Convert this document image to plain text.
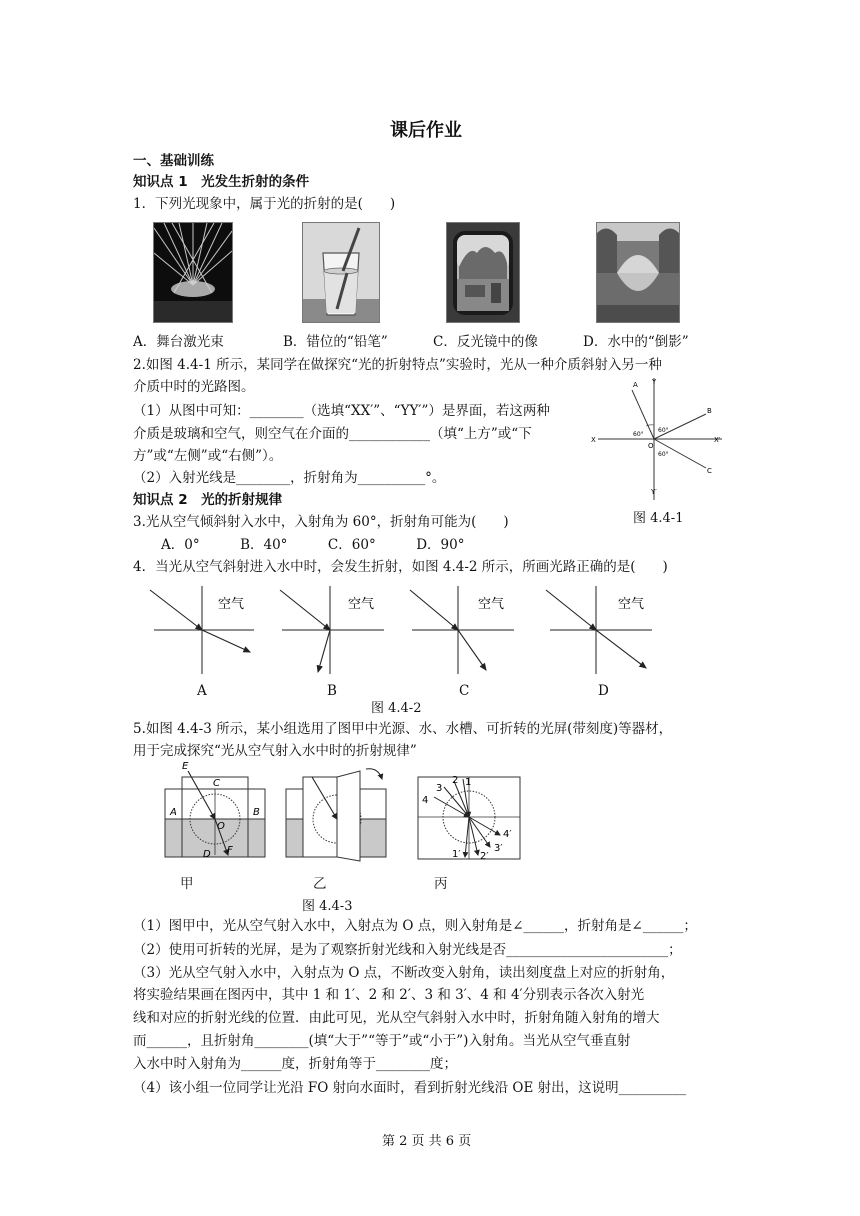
课后作业
一、基础训练
知识点 1　光发生折射的条件
1．下列光现象中，属于光的折射的是(　　)
A．舞台激光束	B．错位的“铅笔”	C．反光镜中的像	D．水中的“倒影”
2.如图 4.4-1 所示，某同学在做探究“光的折射特点”实验时，光从一种介质斜射入另一种
介质中时的光路图。
（1）从图中可知：________（选填“XX′”、“YY′”）是界面，若这两种
介质是玻璃和空气，则空气在介面的____________（填“上方”或“下
方”或“左侧”或“右侧”）。
（2）入射光线是________，折射角为__________°。
A Y
B
C
X	X′
Y′
O
60°
60°
60°
图 4.4-1
知识点 2　光的折射规律
3.光从空气倾斜射入水中，入射角为 60°，折射角可能为(　　)
A．0°　　　B．40°　　　C．60°　　　D．90°
4．当光从空气斜射进入水中时，会发生折射，如图 4.4-2 所示，所画光路正确的是(　　)
空气	空气	空气	空气
A	B	C	D
图 4.4-2
5.如图 4.4-3 所示，某小组选用了图甲中光源、水、水槽、可折转的光屏(带刻度)等器材，
用于完成探究“光从空气射入水中时的折射规律”
E
C
A	B
O
D F
1
2
3
4
4′
3′
2′
1′
甲	乙	丙
图 4.4-3
（1）图甲中，光从空气射入水中，入射点为 O 点，则入射角是∠______，折射角是∠______；
（2）使用可折转的光屏，是为了观察折射光线和入射光线是否________________________；
（3）光从空气射入水中，入射点为 O 点，不断改变入射角，读出刻度盘上对应的折射角，
将实验结果画在图丙中，其中 1 和 1′、2 和 2′、3 和 3′、4 和 4′分别表示各次入射光
线和对应的折射光线的位置．由此可见，光从空气斜射入水中时，折射角随入射角的增大
而______，且折射角________(填“大于”“等于”或“小于”)入射角。当光从空气垂直射
入水中时入射角为______度，折射角等于________度；
（4）该小组一位同学让光沿 FO 射向水面时，看到折射光线沿 OE 射出，这说明__________
第 2 页 共 6 页
